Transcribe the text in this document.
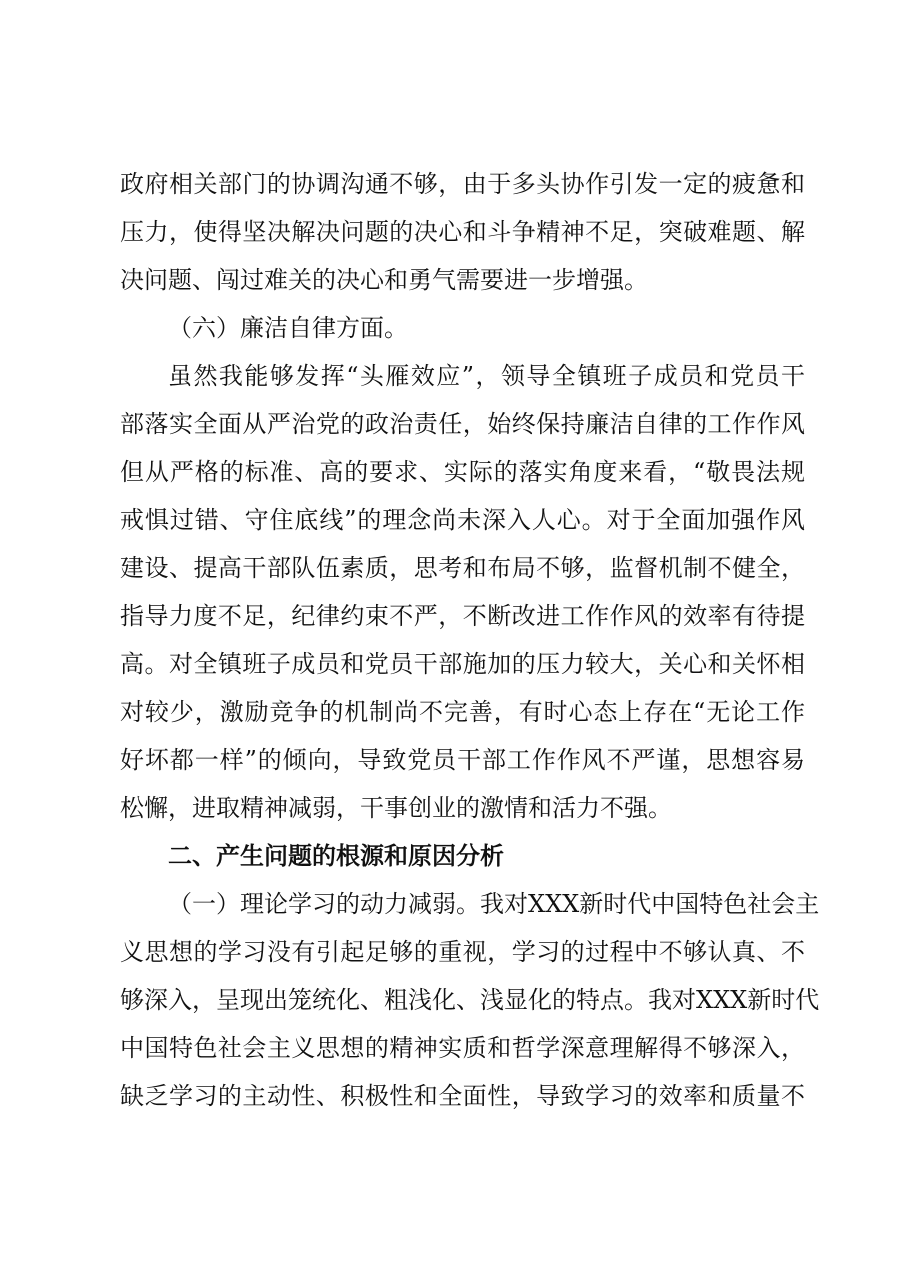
政府相关部门的协调沟通不够，由于多头协作引发一定的疲惫和
压力，使得坚决解决问题的决心和斗争精神不足，突破难题、解
决问题、闯过难关的决心和勇气需要进一步增强。
（六）廉洁自律方面。
虽然我能够发挥“头雁效应”，领导全镇班子成员和党员干
部落实全面从严治党的政治责任，始终保持廉洁自律的工作作风
但从严格的标准、高的要求、实际的落实角度来看，“敬畏法规
戒惧过错、守住底线”的理念尚未深入人心。对于全面加强作风
建设、提高干部队伍素质，思考和布局不够，监督机制不健全，
指导力度不足，纪律约束不严，不断改进工作作风的效率有待提
高。对全镇班子成员和党员干部施加的压力较大，关心和关怀相
对较少，激励竞争的机制尚不完善，有时心态上存在“无论工作
好坏都一样”的倾向，导致党员干部工作作风不严谨，思想容易
松懈，进取精神减弱，干事创业的激情和活力不强。
二、产生问题的根源和原因分析
（一）理论学习的动力减弱。我对XXX新时代中国特色社会主
义思想的学习没有引起足够的重视，学习的过程中不够认真、不
够深入，呈现出笼统化、粗浅化、浅显化的特点。我对XXX新时代
中国特色社会主义思想的精神实质和哲学深意理解得不够深入，
缺乏学习的主动性、积极性和全面性，导致学习的效率和质量不
